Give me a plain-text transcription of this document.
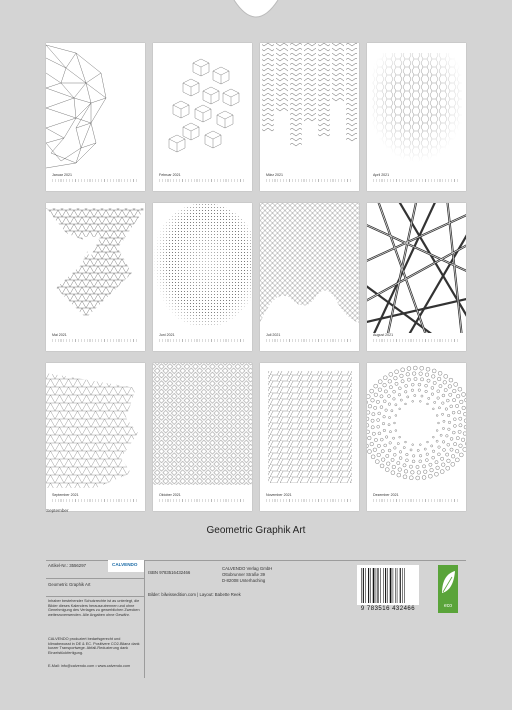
Januar 2021	Februar 2021	März 2021	April 2021
Mai 2021	Juni 2021	Juli 2021	August 2021
September 2021	Oktober 2021	November 2021	Dezember 2021
September
Geometric Graphik Art
Artikel-Nr.: 3556297	CALVENDO
Geometric Graphik Art
Inhaber bestehender Schutzrechte ist as unterlegt, die Bilder dieses Kalenders herauszutrennen und ohne Genehmigung des Verlages zu gewerblichen Zwecken weiterzuverwenden. Alle Angaben ohne Gewähr.
CALVENDO produziert bedarfsgerecht und klimabewusst in DE & EC. Positivere CO2-Bilanz dank kurzer Transportwege. Abfall-Reduzierung dank Einzelstückfertigung.
E-Mail: info@calvendo.com • www.calvendo.com
ISBN 9783516432466
CALVENDO Verlag GmbH
Ottobrunner Straße 39
D-82008 Unterhaching
Bilder: bilwissedition.com | Layout: Babette Reek
9 783516 432466	eco
